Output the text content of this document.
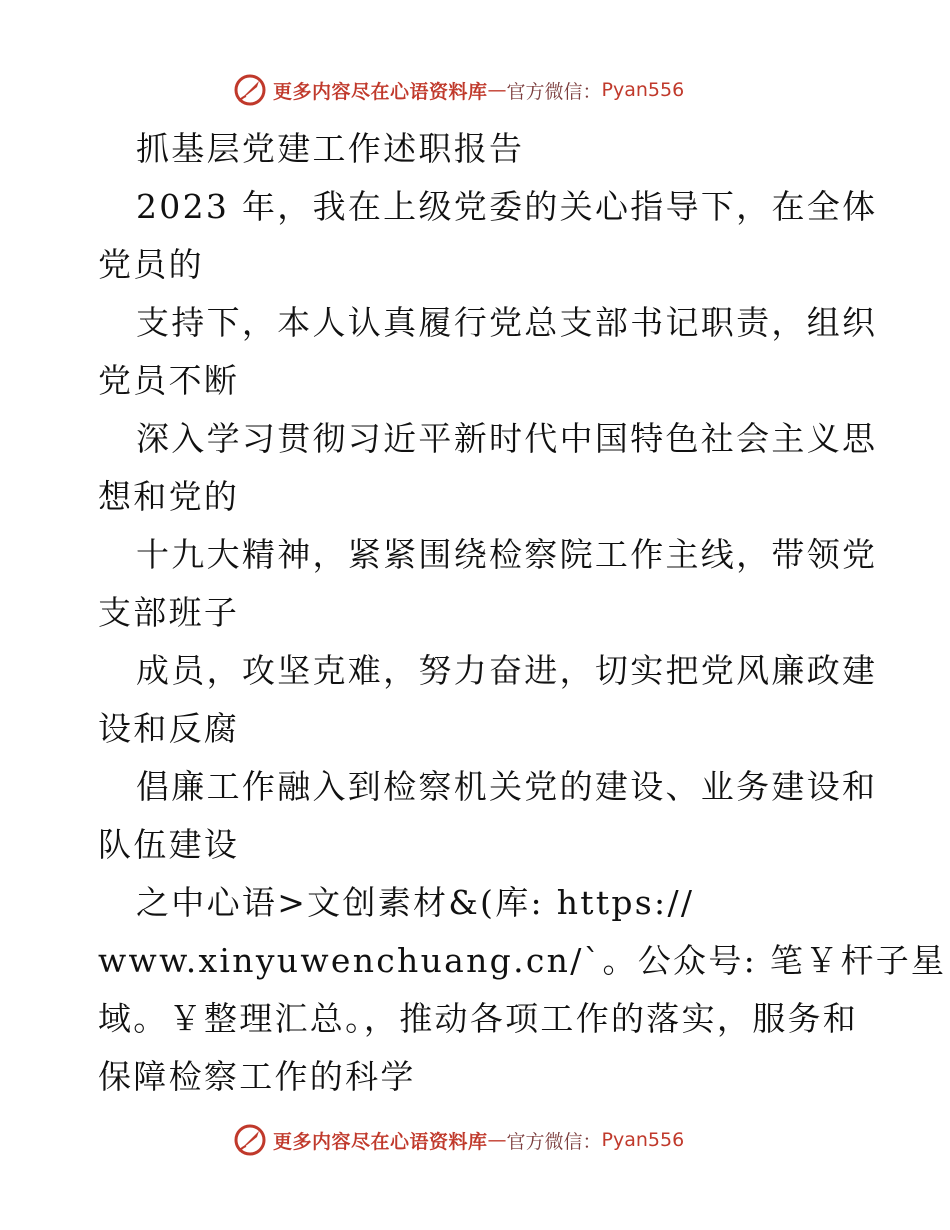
更多内容尽在心语资料库 — 官方微信： Pyan556
抓基层党建工作述职报告
2023 年，我在上级党委的关心指导下，在全体
党员的
支持下，本人认真履行党总支部书记职责，组织
党员不断
深入学习贯彻习近平新时代中国特色社会主义思
想和党的
十九大精神，紧紧围绕检察院工作主线，带领党
支部班子
成员，攻坚克难，努力奋进，切实把党风廉政建
设和反腐
倡廉工作融入到检察机关党的建设、业务建设和
队伍建设
之中心语>文创素材&(库: https://
www.xinyuwenchuang.cn/`。公众号: 笔￥杆子星
域。￥整理汇总。，推动各项工作的落实，服务和
保障检察工作的科学
更多内容尽在心语资料库 — 官方微信： Pyan556
